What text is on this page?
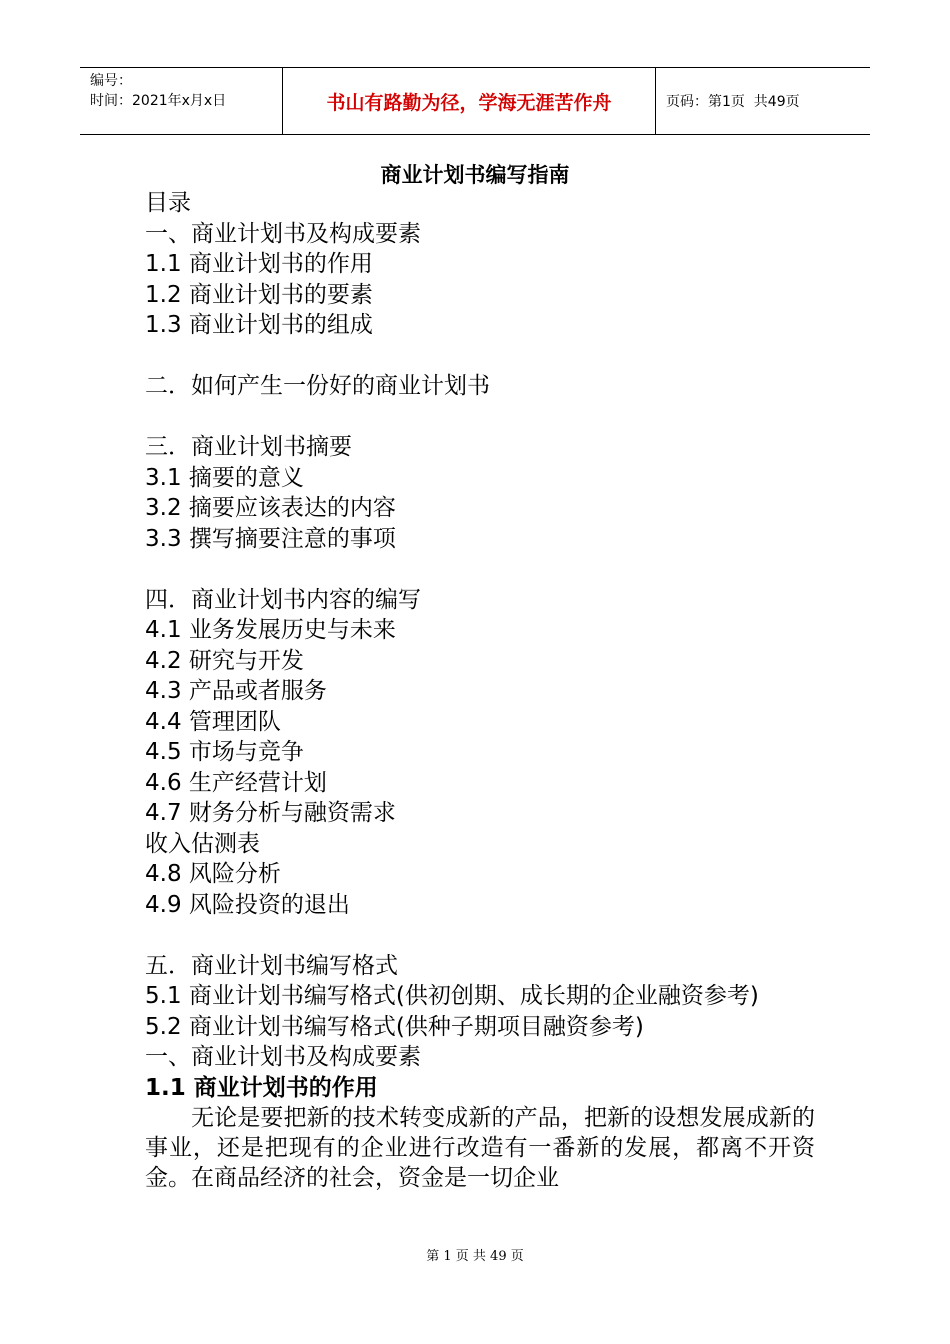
编号：
时间：2021年x月x日	书山有路勤为径，学海无涯苦作舟	页码：第1页  共49页
商业计划书编写指南
目录
一、商业计划书及构成要素
1.1 商业计划书的作用
1.2 商业计划书的要素
1.3 商业计划书的组成
二．如何产生一份好的商业计划书
三．商业计划书摘要
3.1 摘要的意义
3.2 摘要应该表达的内容
3.3 撰写摘要注意的事项
四．商业计划书内容的编写
4.1 业务发展历史与未来
4.2 研究与开发
4.3 产品或者服务
4.4 管理团队
4.5 市场与竞争
4.6 生产经营计划
4.7 财务分析与融资需求
收入估测表
4.8 风险分析
4.9 风险投资的退出
五．商业计划书编写格式
5.1 商业计划书编写格式(供初创期、成长期的企业融资参考)
5.2 商业计划书编写格式(供种子期项目融资参考)
一、商业计划书及构成要素
1.1 商业计划书的作用

无论是要把新的技术转变成新的产品，把新的设想发展成新的事业，还是把现有的企业进行改造有一番新的发展，都离不开资金。在商品经济的社会，资金是一切企业

第 1 页 共 49 页
